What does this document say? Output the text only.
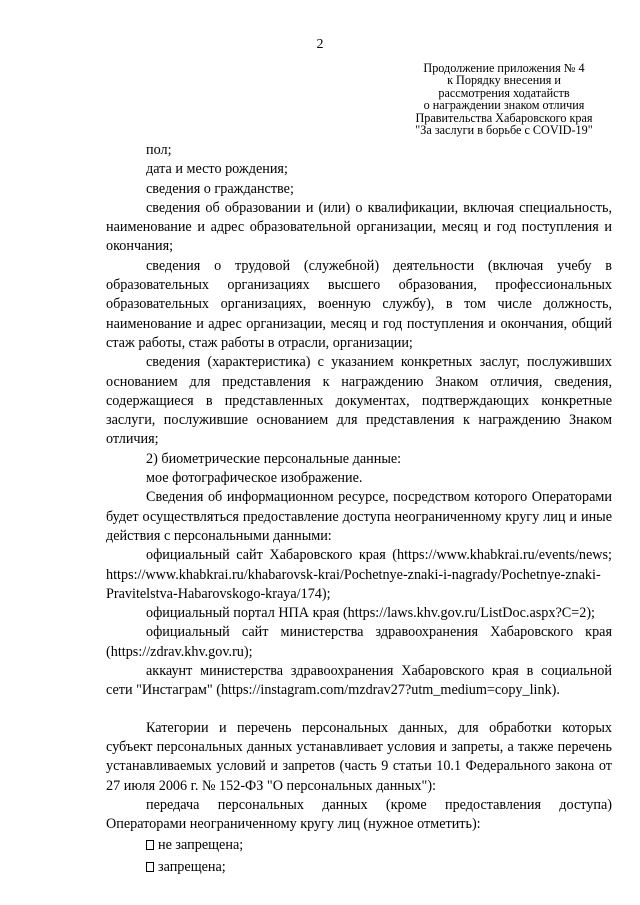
2
Продолжение приложения № 4
к Порядку внесения и
рассмотрения ходатайств
о награждении знаком отличия
Правительства Хабаровского края
"За заслуги в борьбе с COVID-19"

пол;

дата и место рождения;

сведения о гражданстве;

сведения об образовании и (или) о квалификации, включая специальность, наименование и адрес образовательной организации, месяц и год поступления и окончания;

сведения о трудовой (служебной) деятельности (включая учебу в образовательных организациях высшего образования, профессиональных образовательных организациях, военную службу), в том числе должность, наименование и адрес организации, месяц и год поступления и окончания, общий стаж работы, стаж работы в отрасли, организации;

сведения (характеристика) с указанием конкретных заслуг, послуживших основанием для представления к награждению Знаком отличия, сведения, содержащиеся в представленных документах, подтверждающих конкретные заслуги, послужившие основанием для представления к награждению Знаком отличия;

2) биометрические персональные данные:

мое фотографическое изображение.

Сведения об информационном ресурсе, посредством которого Операторами будет осуществляться предоставление доступа неограниченному кругу лиц и иные действия с персональными данными:

официальный сайт Хабаровского края (https://www.khabkrai.ru/events/news; https://www.khabkrai.ru/khabarovsk-krai/Pochetnye-znaki-i-nagrady/Pochetnye-znaki-Pravitelstva-Habarovskogo-kraya/174);

официальный портал НПА края (https://laws.khv.gov.ru/ListDoc.aspx?C=2);

официальный сайт министерства здравоохранения Хабаровского края (https://zdrav.khv.gov.ru);

аккаунт министерства здравоохранения Хабаровского края в социальной сети "Инстаграм" (https://instagram.com/mzdrav27?utm_medium=copy_link).

Категории и перечень персональных данных, для обработки которых субъект персональных данных устанавливает условия и запреты, а также перечень устанавливаемых условий и запретов (часть 9 статьи 10.1 Федерального закона от 27 июля 2006 г. № 152-ФЗ "О персональных данных"):

передача персональных данных (кроме предоставления доступа) Операторами неограниченному кругу лиц (нужное отметить):

не запрещена;

запрещена;
